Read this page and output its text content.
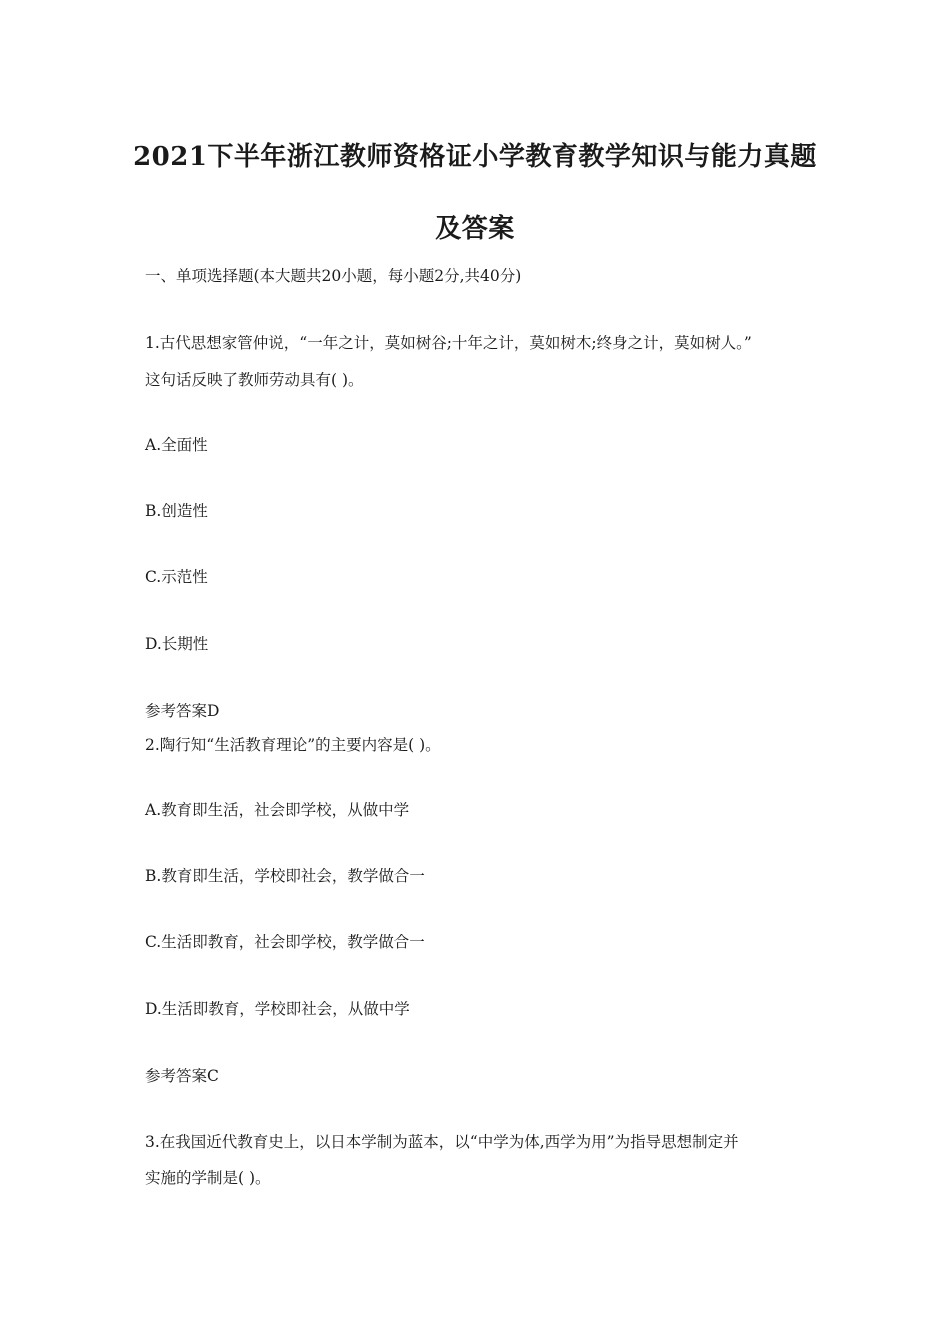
2021下半年浙江教师资格证小学教育教学知识与能力真题
及答案
一、单项选择题(本大题共20小题，每小题2分,共40分)
1.古代思想家管仲说，“一年之计，莫如树谷;十年之计，莫如树木;终身之计，莫如树人。”
这句话反映了教师劳动具有( )。
A.全面性
B.创造性
C.示范性
D.长期性
参考答案D
2.陶行知“生活教育理论”的主要内容是( )。
A.教育即生活，社会即学校，从做中学
B.教育即生活，学校即社会，教学做合一
C.生活即教育，社会即学校，教学做合一
D.生活即教育，学校即社会，从做中学
参考答案C
3.在我国近代教育史上，以日本学制为蓝本，以“中学为体,西学为用”为指导思想制定并
实施的学制是( )。
